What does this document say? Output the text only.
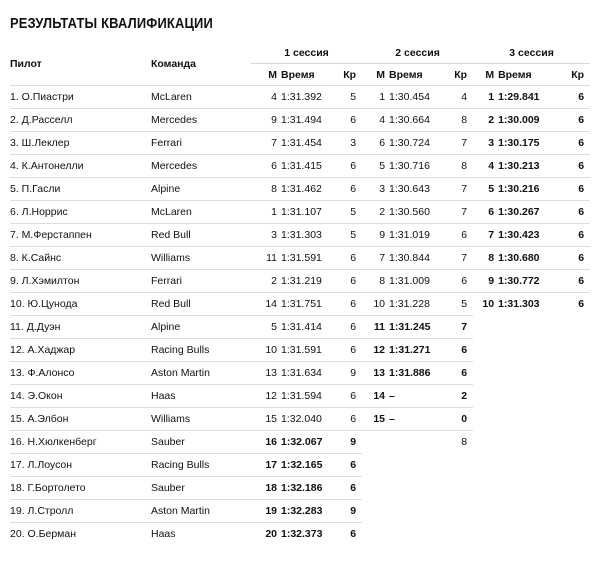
РЕЗУЛЬТАТЫ КВАЛИФИКАЦИИ
Пилот	Команда	1 сессия			2 сессия			3 сессия		
		М	Время	Кр	М	Время	Кр	М	Время	Кр
1. О.Пиастри	McLaren	4	1:31.392	5	1	1:30.454	4	1	1:29.841	6
2. Д.Расселл	Mercedes	9	1:31.494	6	4	1:30.664	8	2	1:30.009	6
3. Ш.Леклер	Ferrari	7	1:31.454	3	6	1:30.724	7	3	1:30.175	6
4. К.Антонелли	Mercedes	6	1:31.415	6	5	1:30.716	8	4	1:30.213	6
5. П.Гасли	Alpine	8	1:31.462	6	3	1:30.643	7	5	1:30.216	6
6. Л.Норрис	McLaren	1	1:31.107	5	2	1:30.560	7	6	1:30.267	6
7. М.Ферстаппен	Red Bull	3	1:31.303	5	9	1:31.019	6	7	1:30.423	6
8. К.Сайнс	Williams	11	1:31.591	6	7	1:30.844	7	8	1:30.680	6
9. Л.Хэмилтон	Ferrari	2	1:31.219	6	8	1:31.009	6	9	1:30.772	6
10. Ю.Цунода	Red Bull	14	1:31.751	6	10	1:31.228	5	10	1:31.303	6
11. Д.Дуэн	Alpine	5	1:31.414	6	11	1:31.245	7			
12. А.Хаджар	Racing Bulls	10	1:31.591	6	12	1:31.271	6			
13. Ф.Алонсо	Aston Martin	13	1:31.634	9	13	1:31.886	6			
14. Э.Окон	Haas	12	1:31.594	6	14	–	2			
15. А.Элбон	Williams	15	1:32.040	6	15	–	0			
16. Н.Хюлкенберг	Sauber	16	1:32.067	9			8			
17. Л.Лоусон	Racing Bulls	17	1:32.165	6						
18. Г.Бортолето	Sauber	18	1:32.186	6						
19. Л.Стролл	Aston Martin	19	1:32.283	9						
20. О.Берман	Haas	20	1:32.373	6						
